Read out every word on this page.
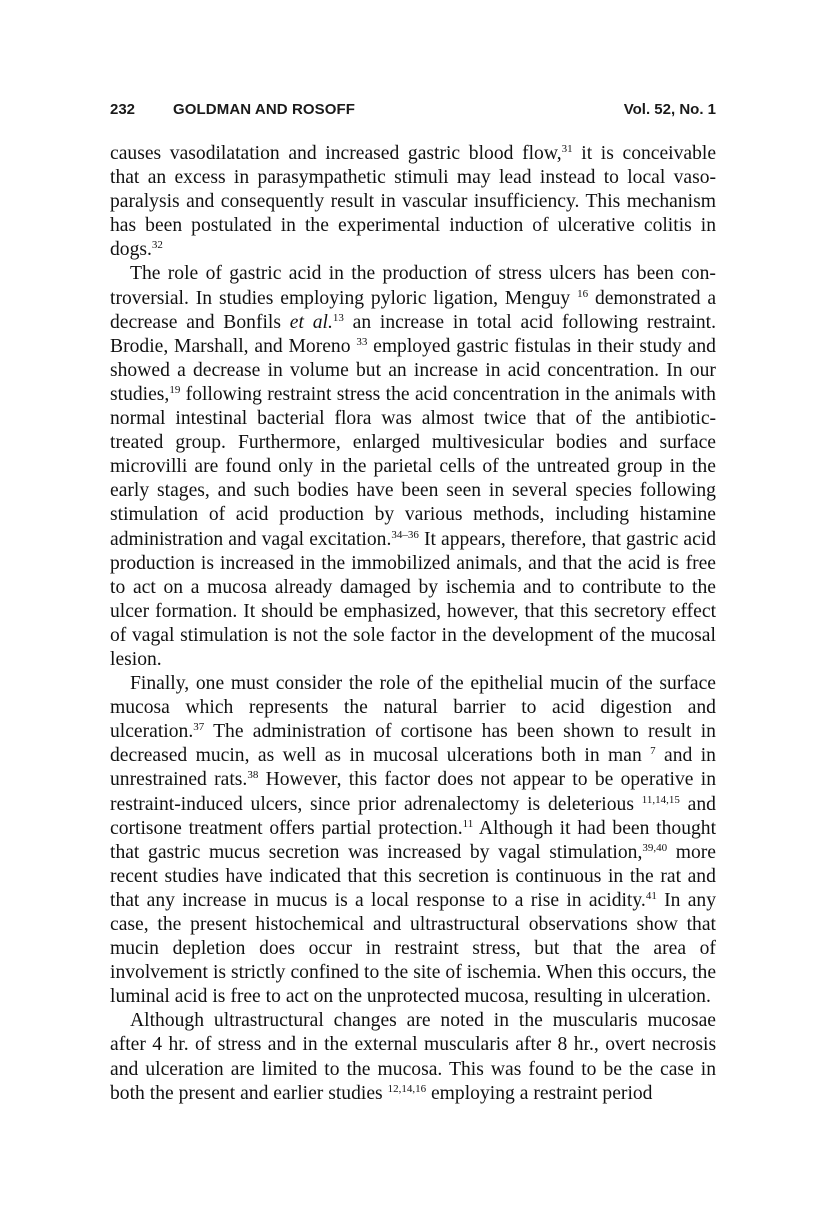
232	GOLDMAN AND ROSOFF	Vol. 52, No. 1

causes vasodilatation and increased gastric blood flow,$^{31}$ it is conceivable that an excess in parasympathetic stimuli may lead instead to local vasoparalysis and consequently result in vascular insufficiency. This mechanism has been postulated in the experimental induction of ulcerative colitis in dogs.$^{32}$

The role of gastric acid in the production of stress ulcers has been controversial. In studies employing pyloric ligation, Menguy $^{16}$ demonstrated a decrease and Bonfils et al.$^{13}$ an increase in total acid following restraint. Brodie, Marshall, and Moreno $^{33}$ employed gastric fistulas in their study and showed a decrease in volume but an increase in acid concentration. In our studies,$^{19}$ following restraint stress the acid concentration in the animals with normal intestinal bacterial flora was almost twice that of the antibiotic-treated group. Furthermore, enlarged multivesicular bodies and surface microvilli are found only in the parietal cells of the untreated group in the early stages, and such bodies have been seen in several species following stimulation of acid production by various methods, including histamine administration and vagal excitation.$^{34-36}$ It appears, therefore, that gastric acid production is increased in the immobilized animals, and that the acid is free to act on a mucosa already damaged by ischemia and to contribute to the ulcer formation. It should be emphasized, however, that this secretory effect of vagal stimulation is not the sole factor in the development of the mucosal lesion.

Finally, one must consider the role of the epithelial mucin of the surface mucosa which represents the natural barrier to acid digestion and ulceration.$^{37}$ The administration of cortisone has been shown to result in decreased mucin, as well as in mucosal ulcerations both in man $^7$ and in unrestrained rats.$^{38}$ However, this factor does not appear to be operative in restraint-induced ulcers, since prior adrenalectomy is deleterious $^{11,14,15}$ and cortisone treatment offers partial protection.$^{11}$ Although it had been thought that gastric mucus secretion was increased by vagal stimulation,$^{39,40}$ more recent studies have indicated that this secretion is continuous in the rat and that any increase in mucus is a local response to a rise in acidity.$^{41}$ In any case, the present histochemical and ultrastructural observations show that mucin depletion does occur in restraint stress, but that the area of involvement is strictly confined to the site of ischemia. When this occurs, the luminal acid is free to act on the unprotected mucosa, resulting in ulceration.

Although ultrastructural changes are noted in the muscularis mucosae after 4 hr. of stress and in the external muscularis after 8 hr., overt necrosis and ulceration are limited to the mucosa. This was found to be the case in both the present and earlier studies $^{12,14,16}$ employing a restraint period
